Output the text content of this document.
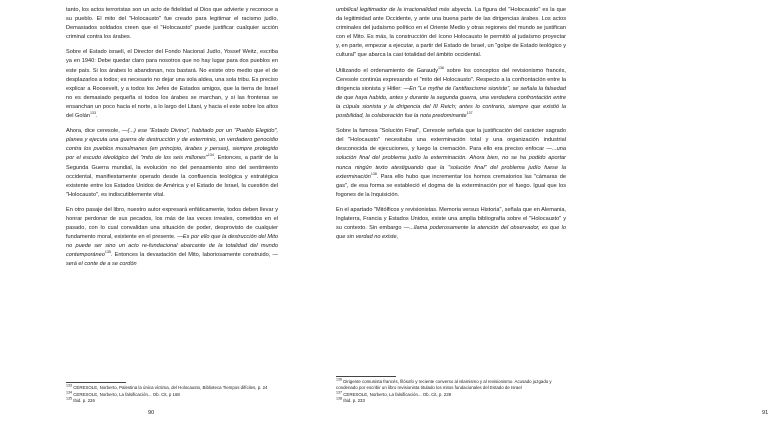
tanto, los actos terroristas son un acto de fidelidad al Dios que advierte y reconoce a su pueblo. El mito del "Holocausto" fue creado para legitimar el racismo judío. Demasiados soldados creen que el "Holocausto" puede justificar cualquier acción criminal contra los árabes.

Sobre el Estado israelí, el Director del Fondo Nacional Judío, Yossef Weitz, escriba ya en 1940: Debe quedar claro para nosotros que no hay lugar para dos pueblos en este país. Si los árabes lo abandonan, nos bastará. No existe otro medio que el de desplazarlos a todos; es necesario no dejar una sola aldea, una sola tribu. Es preciso explicar a Roosevelt, y a todos los Jefes de Estados amigos, que la tierra de Israel no es demasiado pequeña si todos los árabes se marchan, y si las fronteras se ensanchan un poco hacia el norte, a lo largo del Litani, y hacia el este sobre los altos del Golán$^{133}$.

Ahora, dice ceresole, —(...) ese "Estado Divino", habitado por un "Pueblo Elegido", planea y ejecuta una guerra de destrucción y de exterminio, un verdadero genocidio contra los pueblos musulmanes (en principio, árabes y persas), siempre protegido por el escudo ideológico del "mito de los seis millones"$^{134}$. Entonces, a partir de la Segunda Guerra mundial, la evolución no del pensamiento sino del sentimiento occidental, manifiestamente operado desde la confluencia teológica y estratégica existente entre los Estados Unidos de América y el Estado de Israel, la cuestión del "Holocausto", es indiscutiblemente vital.

En otro pasaje del libro, nuestro autor expresará enfáticamente, todos deben llevar y honrar perdonar de sus pecados, los más de las veces irreales, cometidos en el pasado, con lo cual convalidan una situación de poder, desprovisto de cualquier fundamento moral, existente en el presente. —Es por ello que la destrucción del Mito no puede ser sino un acto re-fundacional abarcante de la totalidad del mundo contemporáneo$^{135}$. Entonces la devastación del Mito, laboriosamente construido, —será el conte de a se cordón

$^{133}$ CERESOLE, Norberto, Palestina la única víctima, del Holocausto, Biblioteca Tiempos difíciles, p. 24

$^{134}$ CERESOLE, Norberto, La falsificación... Ob. Cit, p 168

$^{135}$ Ibid. p. 226

90

umbilical legitimador de la irracionalidad más abyecta. La figura del "Holocausto" es la que da legitimidad ante Occidente, y ante una buena parte de las dirigencias árabes. Los actos criminales del judaísmo político en el Oriente Medio y otras regiones del mundo se justifican con el Mito. Es más, la construcción del ícono Holocausto le permitió al judaísmo proyectar y, en parte, empezar a ejecutar, a partir del Estado de Israel, un "golpe de Estado teológico y cultural" que abarca la casi totalidad del ámbito occidental.

Utilizando el ordenamiento de Garaudy$^{136}$ sobre los conceptos del revisionismo francés, Ceresole continúa expresando el "mito del Holocausto". Respecto a la confrontación entre la dirigencia sionista y Hitler: —En "Le mythe de l'antifascisme sioniste", se señala la falsedad de que haya habido, antes y durante la segunda guerra, una verdadera confrontación entre la cúpula sionista y la dirigencia del III Reich; antes lo contrario, siempre que existió la posibilidad, la colaboración fue la nota predominante$^{137}$

Sobre la famosa "Solución Final", Ceresole señala que la justificación del carácter sagrado del "Holocausto" necesitaba una exterminación total y una organización industrial desconocida de ejecuciones, y luego la cremación. Para ello era preciso enfocar —...una solución final del problema judío la exterminación. Ahora bien, no se ha podido aportar nunca ningún texto atestiguando que la "solución final" del problema judío fuese la exterminación$^{138}$. Para ello hubo que incrementar los hornos crematorios las "cámaras de gas", de esa forma se estableció el dogma de la exterminación por el fuego. Igual que los fogones de la Inquisición.

En el apartado "Mitólficos y revisionistas. Memoria versus Historia", señala que en Alemania, Inglaterra, Francia y Estados Unidos, existe una amplia bibliografía sobre el "Holocausto" y su contexto. Sin embargo —...llama poderosamente la atención del observador, es que lo que sin verdad no existe,

$^{136}$ Dirigente comunista francés, filósofo y reciente converso al islamismo y al revisionismo. Acusado juzgado y condenado por escribir un libro revisionista titulado los mitos fundacionales del Estado de Israel

$^{137}$ CERESOLE, Norberto, La falsificación... Ob. Cit, p. 228

$^{138}$ Ibid. p. 233

91
